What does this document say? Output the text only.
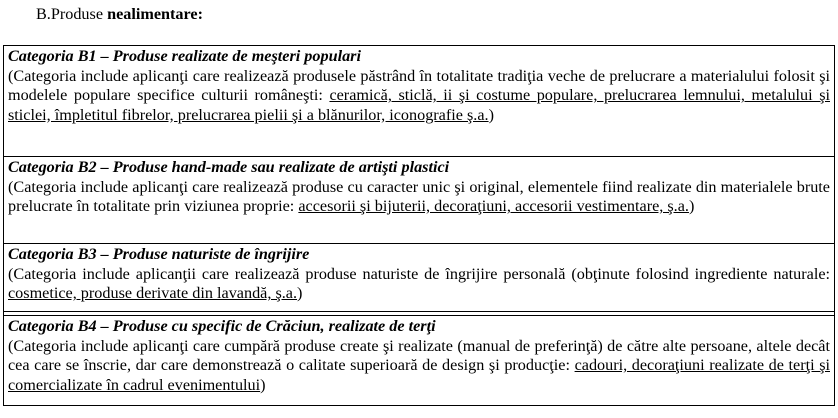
B.Produse nealimentare:
Categoria B1 – Produse realizate de meşteri populari
(Categoria include aplicanţi care realizează produsele păstrând în totalitate tradiţia veche de prelucrare a materialului folosit şi modelele populare specifice culturii româneşti: ceramică, sticlă, ii şi costume populare, prelucrarea lemnului, metalului şi sticlei, împletitul fibrelor, prelucrarea pielii şi a blănurilor, iconografie ş.a.)
Categoria B2 – Produse hand-made sau realizate de artişti plastici
(Categoria include aplicanţi care realizează produse cu caracter unic şi original, elementele fiind realizate din materialele brute prelucrate în totalitate prin viziunea proprie: accesorii şi bijuterii, decoraţiuni, accesorii vestimentare, ş.a.)
Categoria B3 – Produse naturiste de îngrijire
(Categoria include aplicanţii care realizează produse naturiste de îngrijire personală (obţinute folosind ingrediente naturale: cosmetice, produse derivate din lavandă, ş.a.)
Categoria B4 – Produse cu specific de Crăciun, realizate de terţi
(Categoria include aplicanţi care cumpără produse create şi realizate (manual de preferinţă) de către alte persoane, altele decât cea care se înscrie, dar care demonstrează o calitate superioară de design şi producţie: cadouri, decoraţiuni realizate de terţi şi comercializate în cadrul evenimentului)
